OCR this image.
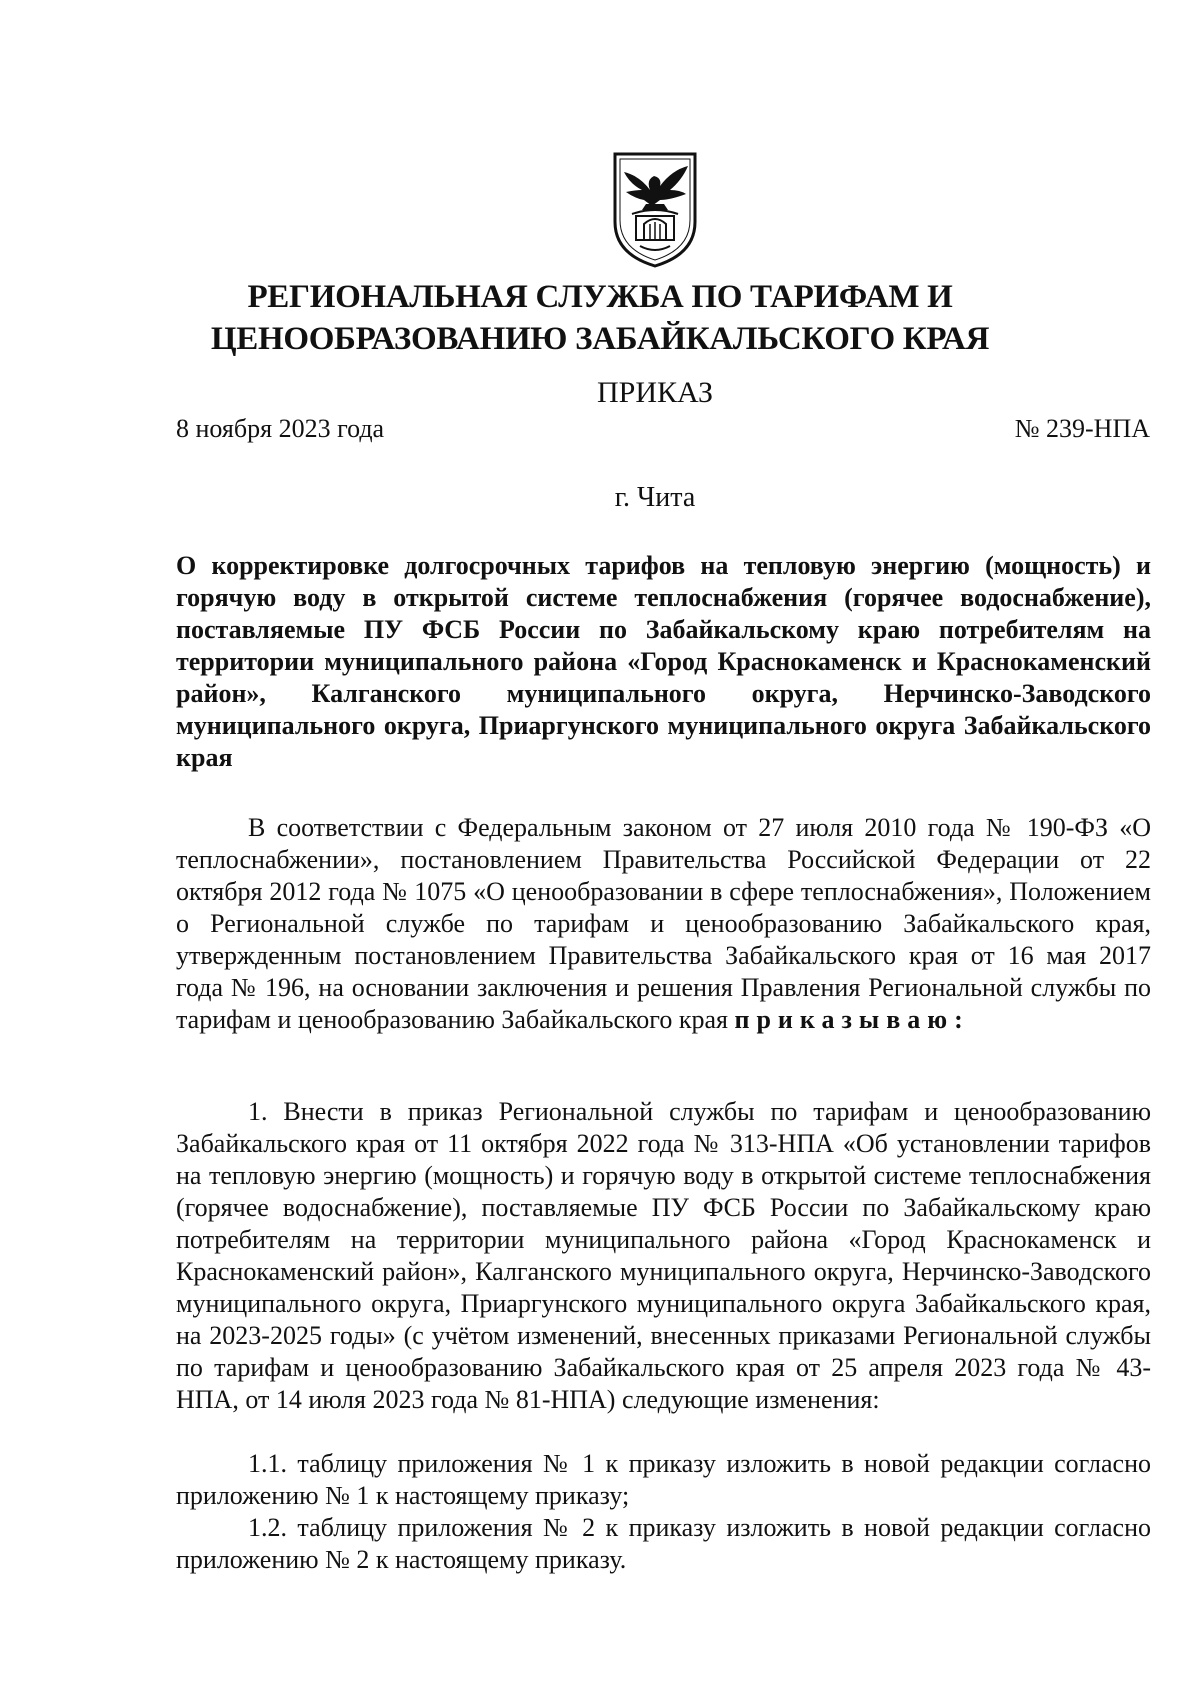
РЕГИОНАЛЬНАЯ СЛУЖБА ПО ТАРИФАМ И
ЦЕНООБРАЗОВАНИЮ ЗАБАЙКАЛЬСКОГО КРАЯ
ПРИКАЗ
8 ноября 2023 года	№ 239-НПА
г. Чита
О корректировке долгосрочных тарифов на тепловую энергию (мощность) и горячую воду в открытой системе теплоснабжения (горячее водоснабжение), поставляемые ПУ ФСБ России по Забайкальскому краю потребителям на территории муниципального района «Город Краснокаменск и Краснокаменский район», Калганского муниципального округа, Нерчинско-Заводского муниципального округа, Приаргунского муниципального округа Забайкальского края
В соответствии с Федеральным законом от 27 июля 2010 года № 190-ФЗ «О теплоснабжении», постановлением Правительства Российской Федерации от 22 октября 2012 года № 1075 «О ценообразовании в сфере теплоснабжения», Положением о Региональной службе по тарифам и ценообразованию Забайкальского края, утвержденным постановлением Правительства Забайкальского края от 16 мая 2017 года № 196, на основании заключения и решения Правления Региональной службы по тарифам и ценообразованию Забайкальского края приказываю:
1. Внести в приказ Региональной службы по тарифам и ценообразованию Забайкальского края от 11 октября 2022 года № 313-НПА «Об установлении тарифов на тепловую энергию (мощность) и горячую воду в открытой системе теплоснабжения (горячее водоснабжение), поставляемые ПУ ФСБ России по Забайкальскому краю потребителям на территории муниципального района «Город Краснокаменск и Краснокаменский район», Калганского муниципального округа, Нерчинско-Заводского муниципального округа, Приаргунского муниципального округа Забайкальского края, на 2023-2025 годы» (с учётом изменений, внесенных приказами Региональной службы по тарифам и ценообразованию Забайкальского края от 25 апреля 2023 года № 43-НПА, от 14 июля 2023 года № 81-НПА) следующие изменения:
1.1. таблицу приложения № 1 к приказу изложить в новой редакции согласно приложению № 1 к настоящему приказу;
1.2. таблицу приложения № 2 к приказу изложить в новой редакции согласно приложению № 2 к настоящему приказу.
